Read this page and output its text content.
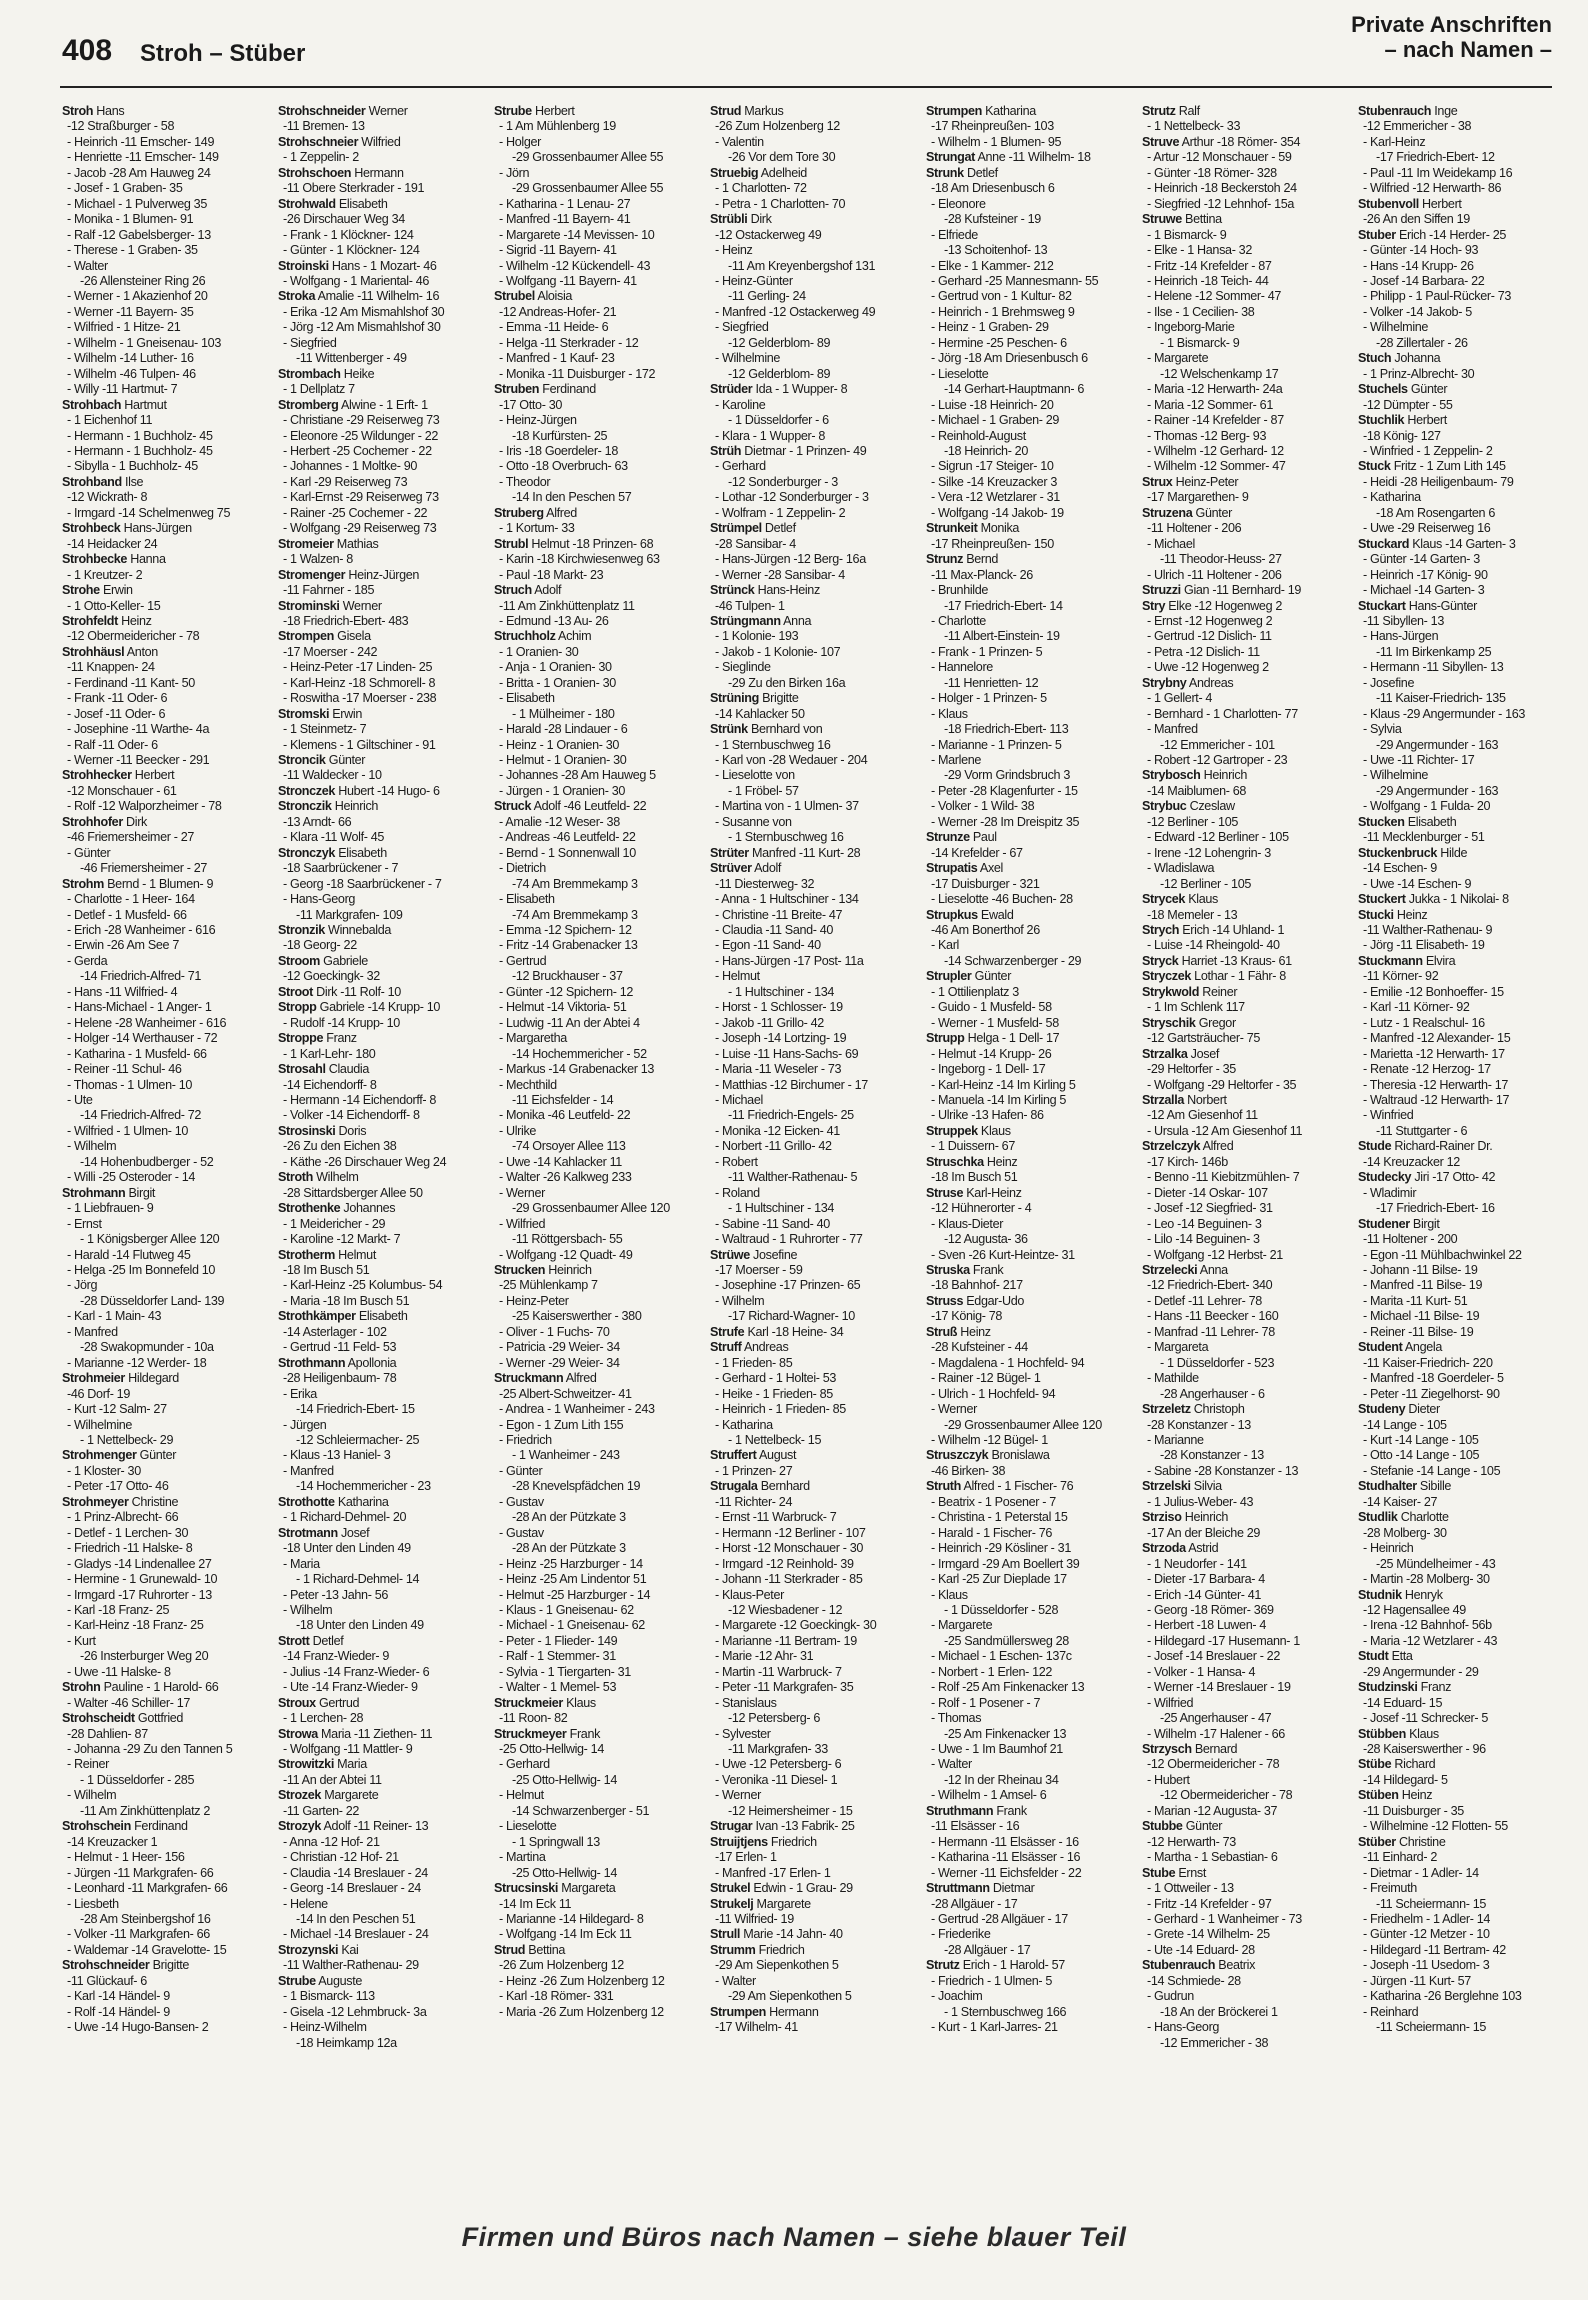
408 Stroh – Stüber
Private Anschriften
– nach Namen –
Stroh Hans
-12 Straßburger - 58
- Heinrich -11 Emscher- 149
- Henriette -11 Emscher- 149
- Jacob -28 Am Hauweg 24
- Josef - 1 Graben- 35
- Michael - 1 Pulverweg 35
- Monika - 1 Blumen- 91
- Ralf -12 Gabelsberger- 13
- Therese - 1 Graben- 35
- Walter
-26 Allensteiner Ring 26
- Werner - 1 Akazienhof 20
- Werner -11 Bayern- 35
- Wilfried - 1 Hitze- 21
- Wilhelm - 1 Gneisenau- 103
- Wilhelm -14 Luther- 16
- Wilhelm -46 Tulpen- 46
- Willy -11 Hartmut- 7
Strohbach Hartmut
- 1 Eichenhof 11
- Hermann - 1 Buchholz- 45
- Hermann - 1 Buchholz- 45
- Sibylla - 1 Buchholz- 45
Strohband Ilse
-12 Wickrath- 8
- Irmgard -14 Schelmenweg 75
Strohbeck Hans-Jürgen
-14 Heidacker 24
Strohbecke Hanna
- 1 Kreutzer- 2
Strohe Erwin
- 1 Otto-Keller- 15
Strohfeldt Heinz
-12 Obermeidericher - 78
Strohhäusl Anton
-11 Knappen- 24
- Ferdinand -11 Kant- 50
- Frank -11 Oder- 6
- Josef -11 Oder- 6
- Josephine -11 Warthe- 4a
- Ralf -11 Oder- 6
- Werner -11 Beecker - 291
Strohhecker Herbert
-12 Monschauer - 61
- Rolf -12 Walporzheimer - 78
Strohhofer Dirk
-46 Friemersheimer - 27
- Günter
-46 Friemersheimer - 27
Strohm Bernd - 1 Blumen- 9
- Charlotte - 1 Heer- 164
- Detlef - 1 Musfeld- 66
- Erich -28 Wanheimer - 616
- Erwin -26 Am See 7
- Gerda
-14 Friedrich-Alfred- 71
- Hans -11 Wilfried- 4
- Hans-Michael - 1 Anger- 1
- Helene -28 Wanheimer - 616
- Holger -14 Werthauser - 72
- Katharina - 1 Musfeld- 66
- Reiner -11 Schul- 46
- Thomas - 1 Ulmen- 10
- Ute
-14 Friedrich-Alfred- 72
- Wilfried - 1 Ulmen- 10
- Wilhelm
-14 Hohenbudberger - 52
- Willi -25 Osteroder - 14
Strohmann Birgit
- 1 Liebfrauen- 9
- Ernst
- 1 Königsberger Allee 120
- Harald -14 Flutweg 45
- Helga -25 Im Bonnefeld 10
- Jörg
-28 Düsseldorfer Land- 139
- Karl - 1 Main- 43
- Manfred
-28 Swakopmunder - 10a
- Marianne -12 Werder- 18
Strohmeier Hildegard
-46 Dorf- 19
- Kurt -12 Salm- 27
- Wilhelmine
- 1 Nettelbeck- 29
Strohmenger Günter
- 1 Kloster- 30
- Peter -17 Otto- 46
Strohmeyer Christine
- 1 Prinz-Albrecht- 66
- Detlef - 1 Lerchen- 30
- Friedrich -11 Halske- 8
- Gladys -14 Lindenallee 27
- Hermine - 1 Grunewald- 10
- Irmgard -17 Ruhrorter - 13
- Karl -18 Franz- 25
- Karl-Heinz -18 Franz- 25
- Kurt
-26 Insterburger Weg 20
- Uwe -11 Halske- 8
Strohn Pauline - 1 Harold- 66
- Walter -46 Schiller- 17
Strohscheidt Gottfried
-28 Dahlien- 87
- Johanna -29 Zu den Tannen 5
- Reiner
- 1 Düsseldorfer - 285
- Wilhelm
-11 Am Zinkhüttenplatz 2
Strohschein Ferdinand
-14 Kreuzacker 1
- Helmut - 1 Heer- 156
- Jürgen -11 Markgrafen- 66
- Leonhard -11 Markgrafen- 66
- Liesbeth
-28 Am Steinbergshof 16
- Volker -11 Markgrafen- 66
- Waldemar -14 Gravelotte- 15
Strohschneider Brigitte
-11 Glückauf- 6
- Karl -14 Händel- 9
- Rolf -14 Händel- 9
- Uwe -14 Hugo-Bansen- 2
Strohschneider Werner
-11 Bremen- 13
Strohschneier Wilfried
- 1 Zeppelin- 2
Strohschoen Hermann
-11 Obere Sterkrader - 191
Strohwald Elisabeth
-26 Dirschauer Weg 34
- Frank - 1 Klöckner- 124
- Günter - 1 Klöckner- 124
Stroinski Hans - 1 Mozart- 46
- Wolfgang - 1 Mariental- 46
Stroka Amalie -11 Wilhelm- 16
- Erika -12 Am Mismahlshof 30
- Jörg -12 Am Mismahlshof 30
- Siegfried
-11 Wittenberger - 49
Strombach Heike
- 1 Dellplatz 7
Stromberg Alwine - 1 Erft- 1
- Christiane -29 Reiserweg 73
- Eleonore -25 Wildunger - 22
- Herbert -25 Cochemer - 22
- Johannes - 1 Moltke- 90
- Karl -29 Reiserweg 73
- Karl-Ernst -29 Reiserweg 73
- Rainer -25 Cochemer - 22
- Wolfgang -29 Reiserweg 73
Stromeier Mathias
- 1 Walzen- 8
Stromenger Heinz-Jürgen
-11 Fahrner - 185
Strominski Werner
-18 Friedrich-Ebert- 483
Strompen Gisela
-17 Moerser - 242
- Heinz-Peter -17 Linden- 25
- Karl-Heinz -18 Schmorell- 8
- Roswitha -17 Moerser - 238
Stromski Erwin
- 1 Steinmetz- 7
- Klemens - 1 Giltschiner - 91
Stroncik Günter
-11 Waldecker - 10
Stronczek Hubert -14 Hugo- 6
Stronczik Heinrich
-13 Arndt- 66
- Klara -11 Wolf- 45
Stronczyk Elisabeth
-18 Saarbrückener - 7
- Georg -18 Saarbrückener - 7
- Hans-Georg
-11 Markgrafen- 109
Stronzik Winnebalda
-18 Georg- 22
Stroom Gabriele
-12 Goeckingk- 32
Stroot Dirk -11 Rolf- 10
Stropp Gabriele -14 Krupp- 10
- Rudolf -14 Krupp- 10
Stroppe Franz
- 1 Karl-Lehr- 180
Strosahl Claudia
-14 Eichendorff- 8
- Hermann -14 Eichendorff- 8
- Volker -14 Eichendorff- 8
Strosinski Doris
-26 Zu den Eichen 38
- Käthe -26 Dirschauer Weg 24
Stroth Wilhelm
-28 Sittardsberger Allee 50
Strothenke Johannes
- 1 Meidericher - 29
- Karoline -12 Markt- 7
Strotherm Helmut
-18 Im Busch 51
- Karl-Heinz -25 Kolumbus- 54
- Maria -18 Im Busch 51
Strothkämper Elisabeth
-14 Asterlager - 102
- Gertrud -11 Feld- 53
Strothmann Apollonia
-28 Heiligenbaum- 78
- Erika
-14 Friedrich-Ebert- 15
- Jürgen
-12 Schleiermacher- 25
- Klaus -13 Haniel- 3
- Manfred
-14 Hochemmericher - 23
Strothotte Katharina
- 1 Richard-Dehmel- 20
Strotmann Josef
-18 Unter den Linden 49
- Maria
- 1 Richard-Dehmel- 14
- Peter -13 Jahn- 56
- Wilhelm
-18 Unter den Linden 49
Strott Detlef
-14 Franz-Wieder- 9
- Julius -14 Franz-Wieder- 6
- Ute -14 Franz-Wieder- 9
Stroux Gertrud
- 1 Lerchen- 28
Strowa Maria -11 Ziethen- 11
- Wolfgang -11 Mattler- 9
Strowitzki Maria
-11 An der Abtei 11
Strozek Margarete
-11 Garten- 22
Strozyk Adolf -11 Reiner- 13
- Anna -12 Hof- 21
- Christian -12 Hof- 21
- Claudia -14 Breslauer - 24
- Georg -14 Breslauer - 24
- Helene
-14 In den Peschen 51
- Michael -14 Breslauer - 24
Strozynski Kai
-11 Walther-Rathenau- 29
Strube Auguste
- 1 Bismarck- 113
- Gisela -12 Lehmbruck- 3a
- Heinz-Wilhelm
-18 Heimkamp 12a
Strube Herbert
- 1 Am Mühlenberg 19
- Holger
-29 Grossenbaumer Allee 55
- Jörn
-29 Grossenbaumer Allee 55
- Katharina - 1 Lenau- 27
- Manfred -11 Bayern- 41
- Margarete -14 Mevissen- 10
- Sigrid -11 Bayern- 41
- Wilhelm -12 Kückendell- 43
- Wolfgang -11 Bayern- 41
Strubel Aloisia
-12 Andreas-Hofer- 21
- Emma -11 Heide- 6
- Helga -11 Sterkrader - 12
- Manfred - 1 Kauf- 23
- Monika -11 Duisburger - 172
Struben Ferdinand
-17 Otto- 30
- Heinz-Jürgen
-18 Kurfürsten- 25
- Iris -18 Goerdeler- 18
- Otto -18 Overbruch- 63
- Theodor
-14 In den Peschen 57
Struberg Alfred
- 1 Kortum- 33
Strubl Helmut -18 Prinzen- 68
- Karin -18 Kirchwiesenweg 63
- Paul -18 Markt- 23
Struch Adolf
-11 Am Zinkhüttenplatz 11
- Edmund -13 Au- 26
Struchholz Achim
- 1 Oranien- 30
- Anja - 1 Oranien- 30
- Britta - 1 Oranien- 30
- Elisabeth
- 1 Mülheimer - 180
- Harald -28 Lindauer - 6
- Heinz - 1 Oranien- 30
- Helmut - 1 Oranien- 30
- Johannes -28 Am Hauweg 5
- Jürgen - 1 Oranien- 30
Struck Adolf -46 Leutfeld- 22
- Amalie -12 Weser- 38
- Andreas -46 Leutfeld- 22
- Bernd - 1 Sonnenwall 10
- Dietrich
-74 Am Bremmekamp 3
- Elisabeth
-74 Am Bremmekamp 3
- Emma -12 Spichern- 12
- Fritz -14 Grabenacker 13
- Gertrud
-12 Bruckhauser - 37
- Günter -12 Spichern- 12
- Helmut -14 Viktoria- 51
- Ludwig -11 An der Abtei 4
- Margaretha
-14 Hochemmericher - 52
- Markus -14 Grabenacker 13
- Mechthild
-11 Eichsfelder - 14
- Monika -46 Leutfeld- 22
- Ulrike
-74 Orsoyer Allee 113
- Uwe -14 Kahlacker 11
- Walter -26 Kalkweg 233
- Werner
-29 Grossenbaumer Allee 120
- Wilfried
-11 Röttgersbach- 55
- Wolfgang -12 Quadt- 49
Strucken Heinrich
-25 Mühlenkamp 7
- Heinz-Peter
-25 Kaiserswerther - 380
- Oliver - 1 Fuchs- 70
- Patricia -29 Weier- 34
- Werner -29 Weier- 34
Struckmann Alfred
-25 Albert-Schweitzer- 41
- Andrea - 1 Wanheimer - 243
- Egon - 1 Zum Lith 155
- Friedrich
- 1 Wanheimer - 243
- Günter
-28 Knevelspfädchen 19
- Gustav
-28 An der Pützkate 3
- Gustav
-28 An der Pützkate 3
- Heinz -25 Harzburger - 14
- Heinz -25 Am Lindentor 51
- Helmut -25 Harzburger - 14
- Klaus - 1 Gneisenau- 62
- Michael - 1 Gneisenau- 62
- Peter - 1 Flieder- 149
- Ralf - 1 Stemmer- 31
- Sylvia - 1 Tiergarten- 31
- Walter - 1 Memel- 53
Struckmeier Klaus
-11 Roon- 82
Struckmeyer Frank
-25 Otto-Hellwig- 14
- Gerhard
-25 Otto-Hellwig- 14
- Helmut
-14 Schwarzenberger - 51
- Lieselotte
- 1 Springwall 13
- Martina
-25 Otto-Hellwig- 14
Strucsinski Margareta
-14 Im Eck 11
- Marianne -14 Hildegard- 8
- Wolfgang -14 Im Eck 11
Strud Bettina
-26 Zum Holzenberg 12
- Heinz -26 Zum Holzenberg 12
- Karl -18 Römer- 331
- Maria -26 Zum Holzenberg 12
Strud Markus
-26 Zum Holzenberg 12
- Valentin
-26 Vor dem Tore 30
Struebig Adelheid
- 1 Charlotten- 72
- Petra - 1 Charlotten- 70
Strübli Dirk
-12 Ostackerweg 49
- Heinz
-11 Am Kreyenbergshof 131
- Heinz-Günter
-11 Gerling- 24
- Manfred -12 Ostackerweg 49
- Siegfried
-12 Gelderblom- 89
- Wilhelmine
-12 Gelderblom- 89
Strüder Ida - 1 Wupper- 8
- Karoline
- 1 Düsseldorfer - 6
- Klara - 1 Wupper- 8
Strüh Dietmar - 1 Prinzen- 49
- Gerhard
-12 Sonderburger - 3
- Lothar -12 Sonderburger - 3
- Wolfram - 1 Zeppelin- 2
Strümpel Detlef
-28 Sansibar- 4
- Hans-Jürgen -12 Berg- 16a
- Werner -28 Sansibar- 4
Strünck Hans-Heinz
-46 Tulpen- 1
Strüngmann Anna
- 1 Kolonie- 193
- Jakob - 1 Kolonie- 107
- Sieglinde
-29 Zu den Birken 16a
Strüning Brigitte
-14 Kahlacker 50
Strünk Bernhard von
- 1 Sternbuschweg 16
- Karl von -28 Wedauer - 204
- Lieselotte von
- 1 Fröbel- 57
- Martina von - 1 Ulmen- 37
- Susanne von
- 1 Sternbuschweg 16
Strüter Manfred -11 Kurt- 28
Strüver Adolf
-11 Diesterweg- 32
- Anna - 1 Hultschiner - 134
- Christine -11 Breite- 47
- Claudia -11 Sand- 40
- Egon -11 Sand- 40
- Hans-Jürgen -17 Post- 11a
- Helmut
- 1 Hultschiner - 134
- Horst - 1 Schlosser- 19
- Jakob -11 Grillo- 42
- Joseph -14 Lortzing- 19
- Luise -11 Hans-Sachs- 69
- Maria -11 Weseler - 73
- Matthias -12 Birchumer - 17
- Michael
-11 Friedrich-Engels- 25
- Monika -12 Eicken- 41
- Norbert -11 Grillo- 42
- Robert
-11 Walther-Rathenau- 5
- Roland
- 1 Hultschiner - 134
- Sabine -11 Sand- 40
- Waltraud - 1 Ruhrorter - 77
Strüwe Josefine
-17 Moerser - 59
- Josephine -17 Prinzen- 65
- Wilhelm
-17 Richard-Wagner- 10
Strufe Karl -18 Heine- 34
Struff Andreas
- 1 Frieden- 85
- Gerhard - 1 Holtei- 53
- Heike - 1 Frieden- 85
- Heinrich - 1 Frieden- 85
- Katharina
- 1 Nettelbeck- 15
Struffert August
- 1 Prinzen- 27
Strugala Bernhard
-11 Richter- 24
- Ernst -11 Warbruck- 7
- Hermann -12 Berliner - 107
- Horst -12 Monschauer - 30
- Irmgard -12 Reinhold- 39
- Johann -11 Sterkrader - 85
- Klaus-Peter
-12 Wiesbadener - 12
- Margarete -12 Goeckingk- 30
- Marianne -11 Bertram- 19
- Marie -12 Ahr- 31
- Martin -11 Warbruck- 7
- Peter -11 Markgrafen- 35
- Stanislaus
-12 Petersberg- 6
- Sylvester
-11 Markgrafen- 33
- Uwe -12 Petersberg- 6
- Veronika -11 Diesel- 1
- Werner
-12 Heimersheimer - 15
Strugar Ivan -13 Fabrik- 25
Struijtjens Friedrich
-17 Erlen- 1
- Manfred -17 Erlen- 1
Strukel Edwin - 1 Grau- 29
Strukelj Margarete
-11 Wilfried- 19
Strull Marie -14 Jahn- 40
Strumm Friedrich
-29 Am Siepenkothen 5
- Walter
-29 Am Siepenkothen 5
Strumpen Hermann
-17 Wilhelm- 41
Strumpen Katharina
-17 Rheinpreußen- 103
- Wilhelm - 1 Blumen- 95
Strungat Anne -11 Wilhelm- 18
Strunk Detlef
-18 Am Driesenbusch 6
- Eleonore
-28 Kufsteiner - 19
- Elfriede
-13 Schoitenhof- 13
- Elke - 1 Kammer- 212
- Gerhard -25 Mannesmann- 55
- Gertrud von - 1 Kultur- 82
- Heinrich - 1 Brehmsweg 9
- Heinz - 1 Graben- 29
- Hermine -25 Peschen- 6
- Jörg -18 Am Driesenbusch 6
- Lieselotte
-14 Gerhart-Hauptmann- 6
- Luise -18 Heinrich- 20
- Michael - 1 Graben- 29
- Reinhold-August
-18 Heinrich- 20
- Sigrun -17 Steiger- 10
- Silke -14 Kreuzacker 3
- Vera -12 Wetzlarer - 31
- Wolfgang -14 Jakob- 19
Strunkeit Monika
-17 Rheinpreußen- 150
Strunz Bernd
-11 Max-Planck- 26
- Brunhilde
-17 Friedrich-Ebert- 14
- Charlotte
-11 Albert-Einstein- 19
- Frank - 1 Prinzen- 5
- Hannelore
-11 Henrietten- 12
- Holger - 1 Prinzen- 5
- Klaus
-18 Friedrich-Ebert- 113
- Marianne - 1 Prinzen- 5
- Marlene
-29 Vorm Grindsbruch 3
- Peter -28 Klagenfurter - 15
- Volker - 1 Wild- 38
- Werner -28 Im Dreispitz 35
Strunze Paul
-14 Krefelder - 67
Strupatis Axel
-17 Duisburger - 321
- Lieselotte -46 Buchen- 28
Strupkus Ewald
-46 Am Bonerthof 26
- Karl
-14 Schwarzenberger - 29
Strupler Günter
- 1 Ottilienplatz 3
- Guido - 1 Musfeld- 58
- Werner - 1 Musfeld- 58
Strupp Helga - 1 Dell- 17
- Helmut -14 Krupp- 26
- Ingeborg - 1 Dell- 17
- Karl-Heinz -14 Im Kirling 5
- Manuela -14 Im Kirling 5
- Ulrike -13 Hafen- 86
Struppek Klaus
- 1 Duissern- 67
Struschka Heinz
-18 Im Busch 51
Struse Karl-Heinz
-12 Hühnerorter - 4
- Klaus-Dieter
-12 Augusta- 36
- Sven -26 Kurt-Heintze- 31
Struska Frank
-18 Bahnhof- 217
Struss Edgar-Udo
-17 König- 78
Struß Heinz
-28 Kufsteiner - 44
- Magdalena - 1 Hochfeld- 94
- Rainer -12 Bügel- 1
- Ulrich - 1 Hochfeld- 94
- Werner
-29 Grossenbaumer Allee 120
- Wilhelm -12 Bügel- 1
Struszczyk Bronislawa
-46 Birken- 38
Struth Alfred - 1 Fischer- 76
- Beatrix - 1 Posener - 7
- Christina - 1 Peterstal 15
- Harald - 1 Fischer- 76
- Heinrich -29 Kösliner - 31
- Irmgard -29 Am Boellert 39
- Karl -25 Zur Dieplade 17
- Klaus
- 1 Düsseldorfer - 528
- Margarete
-25 Sandmüllersweg 28
- Michael - 1 Eschen- 137c
- Norbert - 1 Erlen- 122
- Rolf -25 Am Finkenacker 13
- Rolf - 1 Posener - 7
- Thomas
-25 Am Finkenacker 13
- Uwe - 1 Im Baumhof 21
- Walter
-12 In der Rheinau 34
- Wilhelm - 1 Amsel- 6
Struthmann Frank
-11 Elsässer - 16
- Hermann -11 Elsässer - 16
- Katharina -11 Elsässer - 16
- Werner -11 Eichsfelder - 22
Struttmann Dietmar
-28 Allgäuer - 17
- Gertrud -28 Allgäuer - 17
- Friederike
-28 Allgäuer - 17
Strutz Erich - 1 Harold- 57
- Friedrich - 1 Ulmen- 5
- Joachim
- 1 Sternbuschweg 166
- Kurt - 1 Karl-Jarres- 21
Strutz Ralf
- 1 Nettelbeck- 33
Struve Arthur -18 Römer- 354
- Artur -12 Monschauer - 59
- Günter -18 Römer- 328
- Heinrich -18 Beckerstoh 24
- Siegfried -12 Lehnhof- 15a
Struwe Bettina
- 1 Bismarck- 9
- Elke - 1 Hansa- 32
- Fritz -14 Krefelder - 87
- Heinrich -18 Teich- 44
- Helene -12 Sommer- 47
- Ilse - 1 Cecilien- 38
- Ingeborg-Marie
- 1 Bismarck- 9
- Margarete
-12 Welschenkamp 17
- Maria -12 Herwarth- 24a
- Maria -12 Sommer- 61
- Rainer -14 Krefelder - 87
- Thomas -12 Berg- 93
- Wilhelm -12 Gerhard- 12
- Wilhelm -12 Sommer- 47
Strux Heinz-Peter
-17 Margarethen- 9
Struzena Günter
-11 Holtener - 206
- Michael
-11 Theodor-Heuss- 27
- Ulrich -11 Holtener - 206
Struzzi Gian -11 Bernhard- 19
Stry Elke -12 Hogenweg 2
- Ernst -12 Hogenweg 2
- Gertrud -12 Dislich- 11
- Petra -12 Dislich- 11
- Uwe -12 Hogenweg 2
Strybny Andreas
- 1 Gellert- 4
- Bernhard - 1 Charlotten- 77
- Manfred
-12 Emmericher - 101
- Robert -12 Gartroper - 23
Strybosch Heinrich
-14 Maiblumen- 68
Strybuc Czeslaw
-12 Berliner - 105
- Edward -12 Berliner - 105
- Irene -12 Lohengrin- 3
- Wladislawa
-12 Berliner - 105
Strycek Klaus
-18 Memeler - 13
Strych Erich -14 Uhland- 1
- Luise -14 Rheingold- 40
Stryck Harriet -13 Kraus- 61
Stryczek Lothar - 1 Fähr- 8
Strykwold Reiner
- 1 Im Schlenk 117
Stryschik Gregor
-12 Gartsträucher- 75
Strzalka Josef
-29 Heltorfer - 35
- Wolfgang -29 Heltorfer - 35
Strzalla Norbert
-12 Am Giesenhof 11
- Ursula -12 Am Giesenhof 11
Strzelczyk Alfred
-17 Kirch- 146b
- Benno -11 Kiebitzmühlen- 7
- Dieter -14 Oskar- 107
- Josef -12 Siegfried- 31
- Leo -14 Beguinen- 3
- Lilo -14 Beguinen- 3
- Wolfgang -12 Herbst- 21
Strzelecki Anna
-12 Friedrich-Ebert- 340
- Detlef -11 Lehrer- 78
- Hans -11 Beecker - 160
- Manfrad -11 Lehrer- 78
- Margareta
- 1 Düsseldorfer - 523
- Mathilde
-28 Angerhauser - 6
Strzeletz Christoph
-28 Konstanzer - 13
- Marianne
-28 Konstanzer - 13
- Sabine -28 Konstanzer - 13
Strzelski Silvia
- 1 Julius-Weber- 43
Strziso Heinrich
-17 An der Bleiche 29
Strzoda Astrid
- 1 Neudorfer - 141
- Dieter -17 Barbara- 4
- Erich -14 Günter- 41
- Georg -18 Römer- 369
- Herbert -18 Luwen- 4
- Hildegard -17 Husemann- 1
- Josef -14 Breslauer - 22
- Volker - 1 Hansa- 4
- Werner -14 Breslauer - 19
- Wilfried
-25 Angerhauser - 47
- Wilhelm -17 Halener - 66
Strzysch Bernard
-12 Obermeidericher - 78
- Hubert
-12 Obermeidericher - 78
- Marian -12 Augusta- 37
Stubbe Günter
-12 Herwarth- 73
- Martha - 1 Sebastian- 6
Stube Ernst
- 1 Ottweiler - 13
- Fritz -14 Krefelder - 97
- Gerhard - 1 Wanheimer - 73
- Grete -14 Wilhelm- 25
- Ute -14 Eduard- 28
Stubenrauch Beatrix
-14 Schmiede- 28
- Gudrun
-18 An der Bröckerei 1
- Hans-Georg
-12 Emmericher - 38
Stubenrauch Inge
-12 Emmericher - 38
- Karl-Heinz
-17 Friedrich-Ebert- 12
- Paul -11 Im Weidekamp 16
- Wilfried -12 Herwarth- 86
Stubenvoll Herbert
-26 An den Siffen 19
Stuber Erich -14 Herder- 25
- Günter -14 Hoch- 93
- Hans -14 Krupp- 26
- Josef -14 Barbara- 22
- Philipp - 1 Paul-Rücker- 73
- Volker -14 Jakob- 5
- Wilhelmine
-28 Zillertaler - 26
Stuch Johanna
- 1 Prinz-Albrecht- 30
Stuchels Günter
-12 Dümpter - 55
Stuchlik Herbert
-18 König- 127
- Winfried - 1 Zeppelin- 2
Stuck Fritz - 1 Zum Lith 145
- Heidi -28 Heiligenbaum- 79
- Katharina
-18 Am Rosengarten 6
- Uwe -29 Reiserweg 16
Stuckard Klaus -14 Garten- 3
- Günter -14 Garten- 3
- Heinrich -17 König- 90
- Michael -14 Garten- 3
Stuckart Hans-Günter
-11 Sibyllen- 13
- Hans-Jürgen
-11 Im Birkenkamp 25
- Hermann -11 Sibyllen- 13
- Josefine
-11 Kaiser-Friedrich- 135
- Klaus -29 Angermunder - 163
- Sylvia
-29 Angermunder - 163
- Uwe -11 Richter- 17
- Wilhelmine
-29 Angermunder - 163
- Wolfgang - 1 Fulda- 20
Stucken Elisabeth
-11 Mecklenburger - 51
Stuckenbruck Hilde
-14 Eschen- 9
- Uwe -14 Eschen- 9
Stuckert Jukka - 1 Nikolai- 8
Stucki Heinz
-11 Walther-Rathenau- 9
- Jörg -11 Elisabeth- 19
Stuckmann Elvira
-11 Körner- 92
- Emilie -12 Bonhoeffer- 15
- Karl -11 Körner- 92
- Lutz - 1 Realschul- 16
- Manfred -12 Alexander- 15
- Marietta -12 Herwarth- 17
- Renate -12 Herzog- 17
- Theresia -12 Herwarth- 17
- Waltraud -12 Herwarth- 17
- Winfried
-11 Stuttgarter - 6
Stude Richard-Rainer Dr.
-14 Kreuzacker 12
Studecky Jiri -17 Otto- 42
- Wladimir
-17 Friedrich-Ebert- 16
Studener Birgit
-11 Holtener - 200
- Egon -11 Mühlbachwinkel 22
- Johann -11 Bilse- 19
- Manfred -11 Bilse- 19
- Marita -11 Kurt- 51
- Michael -11 Bilse- 19
- Reiner -11 Bilse- 19
Student Angela
-11 Kaiser-Friedrich- 220
- Manfred -18 Goerdeler- 5
- Peter -11 Ziegelhorst- 90
Studeny Dieter
-14 Lange - 105
- Kurt -14 Lange - 105
- Otto -14 Lange - 105
- Stefanie -14 Lange - 105
Studhalter Sibille
-14 Kaiser- 27
Studlik Charlotte
-28 Molberg- 30
- Heinrich
-25 Mündelheimer - 43
- Martin -28 Molberg- 30
Studnik Henryk
-12 Hagensallee 49
- Irena -12 Bahnhof- 56b
- Maria -12 Wetzlarer - 43
Studt Etta
-29 Angermunder - 29
Studzinski Franz
-14 Eduard- 15
- Josef -11 Schrecker- 5
Stübben Klaus
-28 Kaiserswerther - 96
Stübe Richard
-14 Hildegard- 5
Stüben Heinz
-11 Duisburger - 35
- Wilhelmine -12 Flotten- 55
Stüber Christine
-11 Einhard- 2
- Dietmar - 1 Adler- 14
- Freimuth
-11 Scheiermann- 15
- Friedhelm - 1 Adler- 14
- Günter -12 Metzer - 10
- Hildegard -11 Bertram- 42
- Joseph -11 Usedom- 3
- Jürgen -11 Kurt- 57
- Katharina -26 Berglehne 103
- Reinhard
-11 Scheiermann- 15
Firmen und Büros nach Namen – siehe blauer Teil
